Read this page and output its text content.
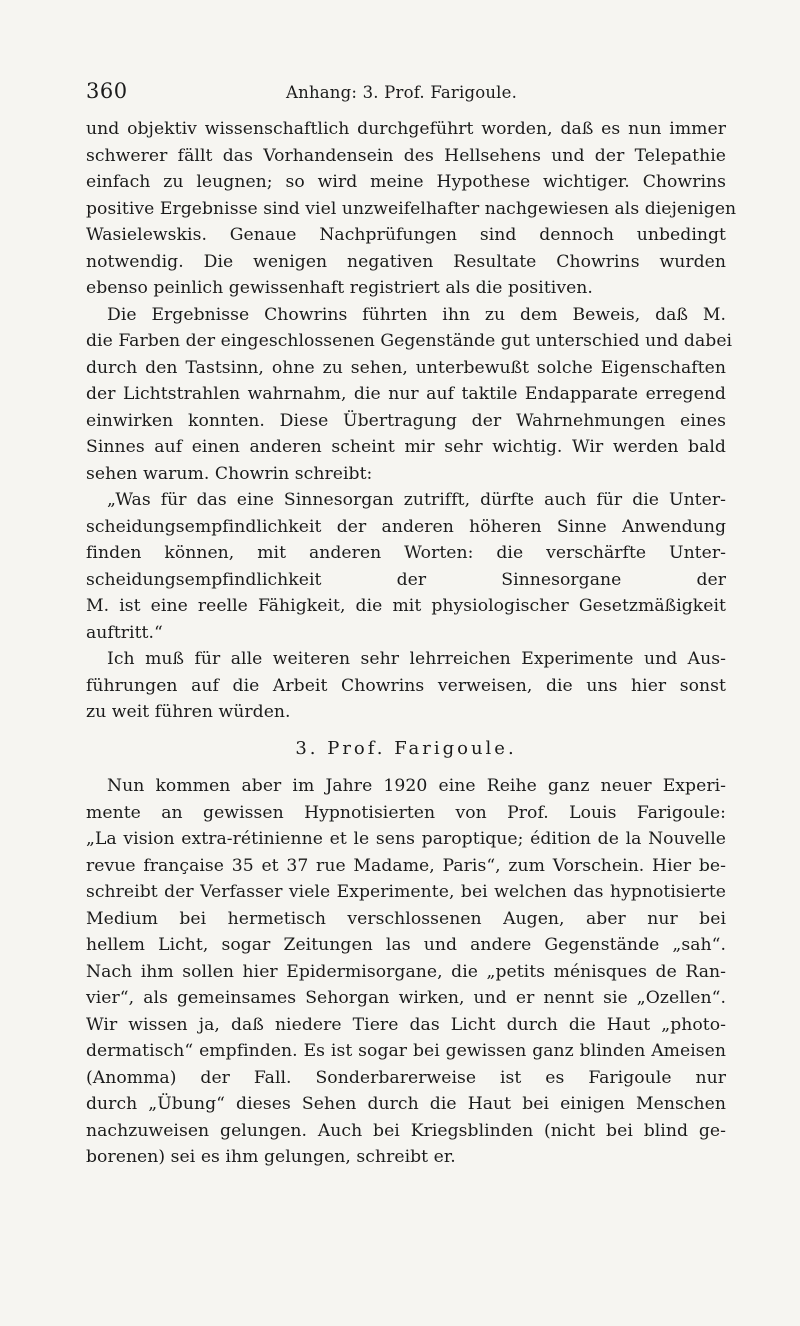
360	Anhang: 3. Prof. Farigoule.
und objektiv wissenschaftlich durchgeführt worden, daß es nun immer
schwerer fällt das Vorhandensein des Hellsehens und der Telepathie
einfach zu leugnen; so wird meine Hypothese wichtiger. Chowrins
positive Ergebnisse sind viel unzweifelhafter nachgewiesen als diejenigen
Wasielewskis. Genaue Nachprüfungen sind dennoch unbedingt
notwendig. Die wenigen negativen Resultate Chowrins wurden
ebenso peinlich gewissenhaft registriert als die positiven.
Die Ergebnisse Chowrins führten ihn zu dem Beweis, daß M.
die Farben der eingeschlossenen Gegenstände gut unterschied und dabei
durch den Tastsinn, ohne zu sehen, unterbewußt solche Eigenschaften
der Lichtstrahlen wahrnahm, die nur auf taktile Endapparate erregend
einwirken konnten. Diese Übertragung der Wahrnehmungen eines
Sinnes auf einen anderen scheint mir sehr wichtig. Wir werden bald
sehen warum. Chowrin schreibt:
„Was für das eine Sinnesorgan zutrifft, dürfte auch für die Unter-
scheidungsempfindlichkeit der anderen höheren Sinne Anwendung
finden können, mit anderen Worten: die verschärfte Unter-
scheidungsempfindlichkeit der Sinnesorgane der
M. ist eine reelle Fähigkeit, die mit physiologischer Gesetzmäßigkeit
auftritt.“
Ich muß für alle weiteren sehr lehrreichen Experimente und Aus-
führungen auf die Arbeit Chowrins verweisen, die uns hier sonst
zu weit führen würden.
3. Prof. Farigoule.
Nun kommen aber im Jahre 1920 eine Reihe ganz neuer Experi-
mente an gewissen Hypnotisierten von Prof. Louis Farigoule:
„La vision extra-rétinienne et le sens paroptique; édition de la Nouvelle
revue française 35 et 37 rue Madame, Paris“, zum Vorschein. Hier be-
schreibt der Verfasser viele Experimente, bei welchen das hypnotisierte
Medium bei hermetisch verschlossenen Augen, aber nur bei
hellem Licht, sogar Zeitungen las und andere Gegenstände „sah“.
Nach ihm sollen hier Epidermisorgane, die „petits ménisques de Ran-
vier“, als gemeinsames Sehorgan wirken, und er nennt sie „Ozellen“.
Wir wissen ja, daß niedere Tiere das Licht durch die Haut „photo-
dermatisch“ empfinden. Es ist sogar bei gewissen ganz blinden Ameisen
(Anomma) der Fall. Sonderbarerweise ist es Farigoule nur
durch „Übung“ dieses Sehen durch die Haut bei einigen Menschen
nachzuweisen gelungen. Auch bei Kriegsblinden (nicht bei blind ge-
borenen) sei es ihm gelungen, schreibt er.
